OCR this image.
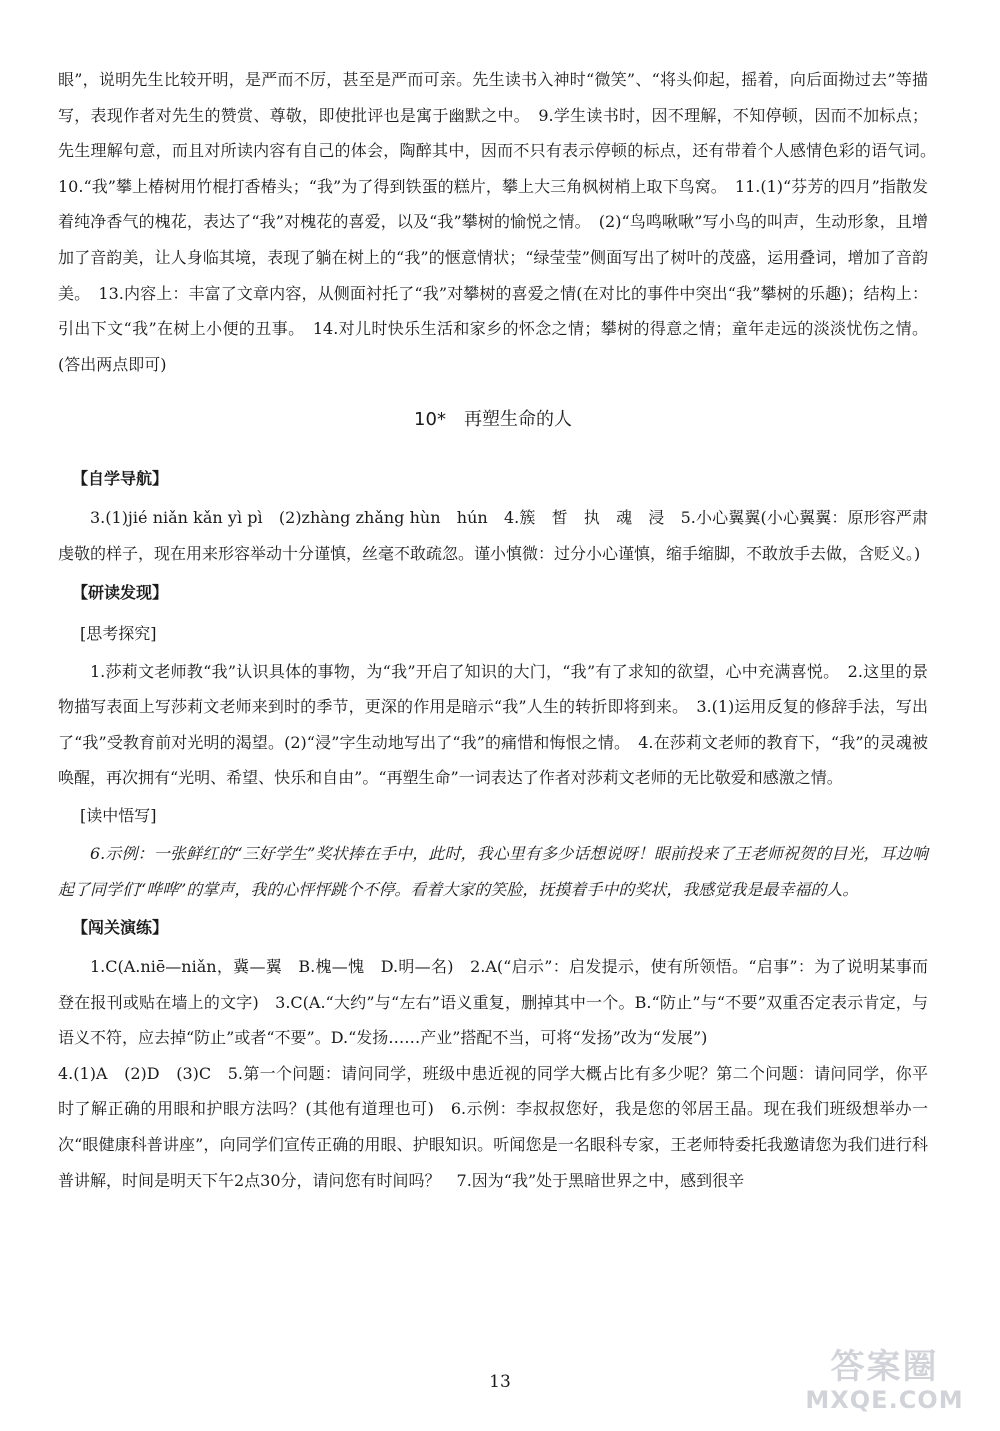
眼”，说明先生比较开明，是严而不厉，甚至是严而可亲。先生读书入神时“微笑”、“将头仰起，摇着，向后面拗过去”等描写，表现作者对先生的赞赏、尊敬，即使批评也是寓于幽默之中。　9.学生读书时，因不理解，不知停顿，因而不加标点；先生理解句意，而且对所读内容有自己的体会，陶醉其中，因而不只有表示停顿的标点，还有带着个人感情色彩的语气词。　10.“我”攀上椿树用竹棍打香椿头；“我”为了得到铁蛋的糕片，攀上大三角枫树梢上取下鸟窝。　11.(1)“芬芳的四月”指散发着纯净香气的槐花，表达了“我”对槐花的喜爱，以及“我”攀树的愉悦之情。　(2)“鸟鸣啾啾”写小鸟的叫声，生动形象，且增加了音韵美，让人身临其境，表现了躺在树上的“我”的惬意情状；“绿莹莹”侧面写出了树叶的茂盛，运用叠词，增加了音韵美。　13.内容上：丰富了文章内容，从侧面衬托了“我”对攀树的喜爱之情(在对比的事件中突出“我”攀树的乐趣)；结构上：引出下文“我”在树上小便的丑事。　14.对儿时快乐生活和家乡的怀念之情；攀树的得意之情；童年走远的淡淡忧伤之情。(答出两点即可)

10* 再塑生命的人
【自学导航】

3.(1)jié niǎn kǎn yì pì　(2)zhàng zhǎng hùn　hún　4.簇　皙　执　魂　浸　5.小心翼翼(小心翼翼：原形容严肃虔敬的样子，现在用来形容举动十分谨慎，丝毫不敢疏忽。谨小慎微：过分小心谨慎，缩手缩脚，不敢放手去做，含贬义。)

【研读发现】
[思考探究]

1.莎莉文老师教“我”认识具体的事物，为“我”开启了知识的大门，“我”有了求知的欲望，心中充满喜悦。　2.这里的景物描写表面上写莎莉文老师来到时的季节，更深的作用是暗示“我”人生的转折即将到来。　3.(1)运用反复的修辞手法，写出了“我”受教育前对光明的渴望。(2)“浸”字生动地写出了“我”的痛惜和悔恨之情。　4.在莎莉文老师的教育下，“我”的灵魂被唤醒，再次拥有“光明、希望、快乐和自由”。“再塑生命”一词表达了作者对莎莉文老师的无比敬爱和感激之情。

[读中悟写]

6.示例：一张鲜红的“三好学生”奖状捧在手中，此时，我心里有多少话想说呀！眼前投来了王老师祝贺的目光，耳边响起了同学们“哗哗”的掌声，我的心怦怦跳个不停。看着大家的笑脸，抚摸着手中的奖状，我感觉我是最幸福的人。

【闯关演练】

1.C(A.niē—niǎn，冀—翼　B.槐—愧　D.明—名)　2.A(“启示”：启发提示，使有所领悟。“启事”：为了说明某事而登在报刊或贴在墙上的文字)　3.C(A.“大约”与“左右”语义重复，删掉其中一个。B.“防止”与“不要”双重否定表示肯定，与语义不符，应去掉“防止”或者“不要”。D.“发扬……产业”搭配不当，可将“发扬”改为“发展”)

4.(1)A　(2)D　(3)C　5.第一个问题：请问同学，班级中患近视的同学大概占比有多少呢？第二个问题：请问同学，你平时了解正确的用眼和护眼方法吗？(其他有道理也可)　6.示例：李叔叔您好，我是您的邻居王晶。现在我们班级想举办一次“眼健康科普讲座”，向同学们宣传正确的用眼、护眼知识。听闻您是一名眼科专家，王老师特委托我邀请您为我们进行科普讲解，时间是明天下午2点30分，请问您有时间吗？　7.因为“我”处于黑暗世界之中，感到很辛

13	答案圈
MXQE.COM
